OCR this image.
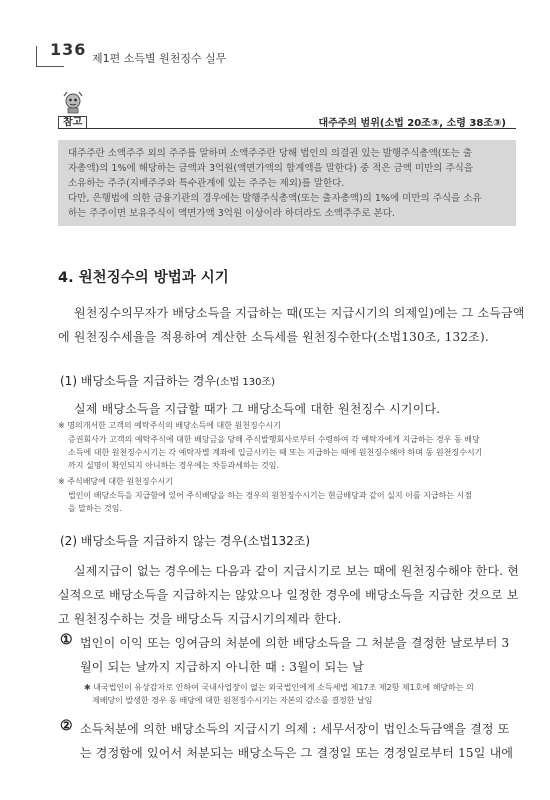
136 제1편 소득별 원천징수 실무
참고	대주주의 범위(소법 20조③, 소령 38조③)

대주주란 소액주주 외의 주주를 말하며 소액주주란 당해 법인의 의결권 있는 발행주식총액(또는 출

자총액)의 1%에 해당하는 금액과 3억원(액면가액의 합계액을 말한다) 중 적은 금액 미만의 주식을

소유하는 주주(지배주주와 특수관계에 있는 주주는 제외)를 말한다.

다만, 은행법에 의한 금융기관의 경우에는 발행주식총액(또는 출자총액)의 1%에 미만의 주식을 소유

하는 주주이면 보유주식이 액면가액 3억원 이상이라 하더라도 소액주주로 본다.

4. 원천징수의 방법과 시기
원천징수의무자가 배당소득을 지급하는 때(또는 지급시기의 의제일)에는 그 소득금액
에 원천징수세율을 적용하여 계산한 소득세를 원천징수한다(소법130조, 132조).
(1) 배당소득을 지급하는 경우(소법 130조)
실제 배당소득을 지급할 때가 그 배당소득에 대한 원천징수 시기이다.
※ 명의개서한 고객의 예탁주식의 배당소득에 대한 원천징수시기
증권회사가 고객의 예탁주식에 대한 배당금을 당해 주식발행회사로부터 수령하여 각 예탁자에게 지급하는 경우 동 배당
소득에 대한 원천징수시기는 각 예탁자별 계좌에 입금시키는 때 또는 지급하는 때에 원천징수해야 하며 동 원천징수시기
까지 실명이 확인되지 아니하는 경우에는 차등과세하는 것임.
※ 주식배당에 대한 원천징수시기
법인이 배당소득을 지급함에 있어 주식배당을 하는 경우의 원천징수시기는 현금배당과 같이 실지 이를 지급하는 시점
을 말하는 것임.
(2) 배당소득을 지급하지 않는 경우(소법132조)
실제지급이 없는 경우에는 다음과 같이 지급시기로 보는 때에 원천징수해야 한다. 현
실적으로 배당소득을 지급하지는 않았으나 일정한 경우에 배당소득을 지급한 것으로 보
고 원천징수하는 것을 배당소득 지급시기의제라 한다.
① 법인이 이익 또는 잉여금의 처분에 의한 배당소득을 그 처분을 결정한 날로부터 3
월이 되는 날까지 지급하지 아니한 때 : 3월이 되는 날
✱ 내국법인이 유상감자로 인하여 국내사업장이 없는 외국법인에게 소득세법 제17조 제2항 제1호에 해당하는 의
제배당이 발생한 경우 동 배당에 대한 원천징수시기는 자본의 감소를 결정한 날임
② 소득처분에 의한 배당소득의 지급시기 의제 : 세무서장이 법인소득금액을 결정 또
는 경정함에 있어서 처분되는 배당소득은 그 결정일 또는 경정일로부터 15일 내에
